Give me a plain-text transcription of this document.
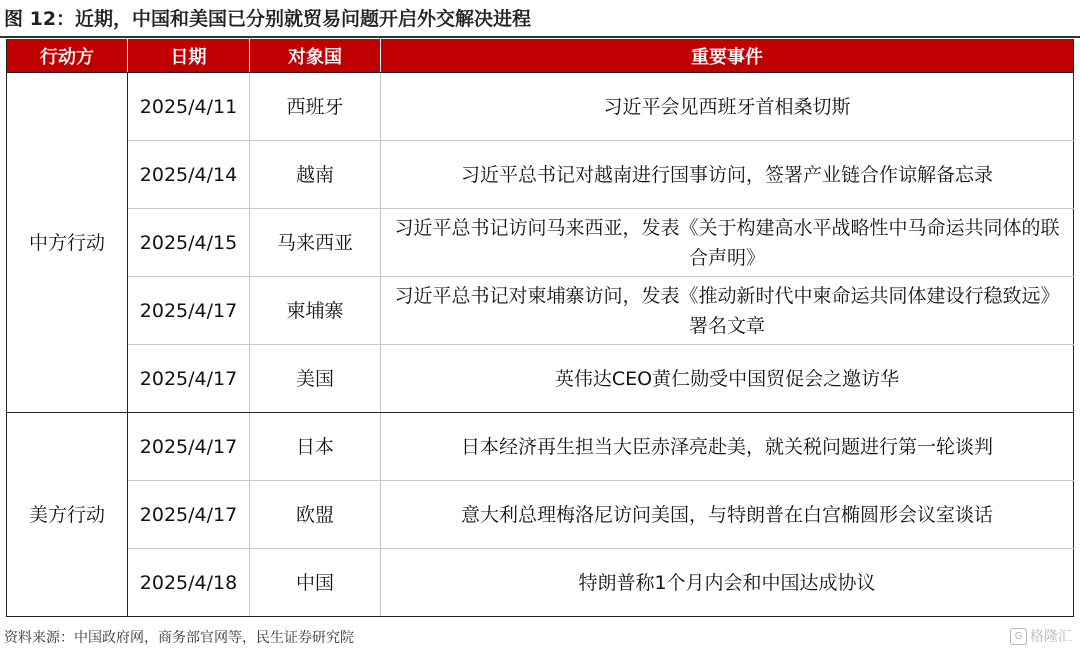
图 12：近期，中国和美国已分别就贸易问题开启外交解决进程
行动方	日期	对象国	重要事件
中方行动	2025/4/11	西班牙	习近平会见西班牙首相桑切斯
	2025/4/14	越南	习近平总书记对越南进行国事访问，签署产业链合作谅解备忘录
	2025/4/15	马来西亚	习近平总书记访问马来西亚，发表《关于构建高水平战略性中马命运共同体的联合声明》
	2025/4/17	柬埔寨	习近平总书记对柬埔寨访问，发表《推动新时代中柬命运共同体建设行稳致远》署名文章
	2025/4/17	美国	英伟达CEO黄仁勋受中国贸促会之邀访华
美方行动	2025/4/17	日本	日本经济再生担当大臣赤泽亮赴美，就关税问题进行第一轮谈判
	2025/4/17	欧盟	意大利总理梅洛尼访问美国，与特朗普在白宫椭圆形会议室谈话
	2025/4/18	中国	特朗普称1个月内会和中国达成协议
资料来源：中国政府网，商务部官网等，民生证券研究院	G 格隆汇
